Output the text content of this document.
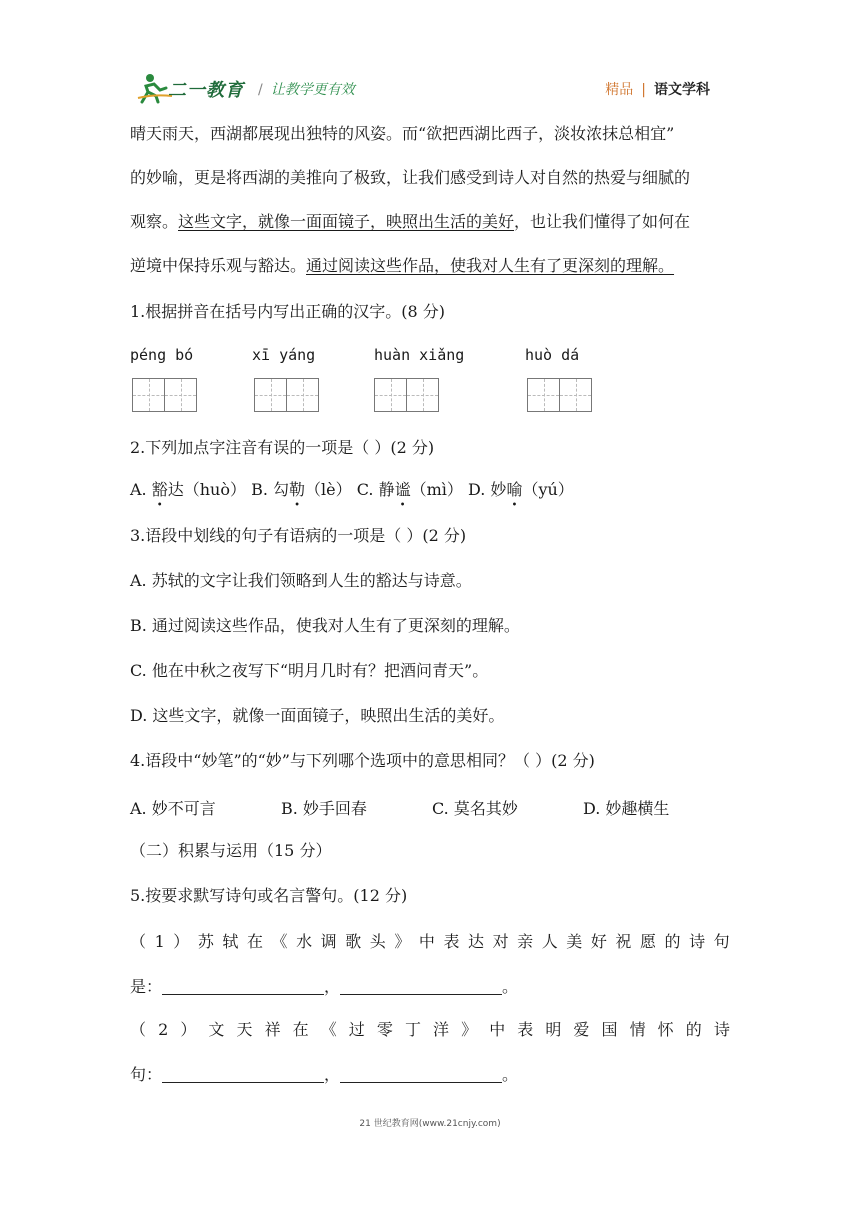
二一教育 / 让教学更有效	精品 | 语文学科

晴天雨天，西湖都展现出独特的风姿。而“欲把西湖比西子，淡妆浓抹总相宜”

的妙喻，更是将西湖的美推向了极致，让我们感受到诗人对自然的热爱与细腻的

观察。这些文字，就像一面面镜子，映照出生活的美好，也让我们懂得了如何在

逆境中保持乐观与豁达。通过阅读这些作品，使我对人生有了更深刻的理解。

1.根据拼音在括号内写出正确的汉字。(8 分)

péng bó	xī yáng	huàn xiǎng	huò dá

2.下列加点字注音有误的一项是（ ）(2 分)

A. 豁达（huò） B. 勾勒（lè） C. 静谧（mì） D. 妙喻（yú）

3.语段中划线的句子有语病的一项是（ ）(2 分)

A. 苏轼的文字让我们领略到人生的豁达与诗意。

B. 通过阅读这些作品，使我对人生有了更深刻的理解。

C. 他在中秋之夜写下“明月几时有？把酒问青天”。

D. 这些文字，就像一面面镜子，映照出生活的美好。

4.语段中“妙笔”的“妙”与下列哪个选项中的意思相同？（ ）(2 分)

A. 妙不可言	B. 妙手回春	C. 莫名其妙	D. 妙趣横生

（二）积累与运用（15 分）

5.按要求默写诗句或名言警句。(12 分)

（ 1 ） 苏 轼 在 《 水 调 歌 头 》 中 表 达 对 亲 人 美 好 祝 愿 的 诗 句

是：	，	。

（ 2 ） 文 天 祥 在 《 过 零 丁 洋 》 中 表 明 爱 国 情 怀 的 诗

句：	，	。

21 世纪教育网(www.21cnjy.com)
